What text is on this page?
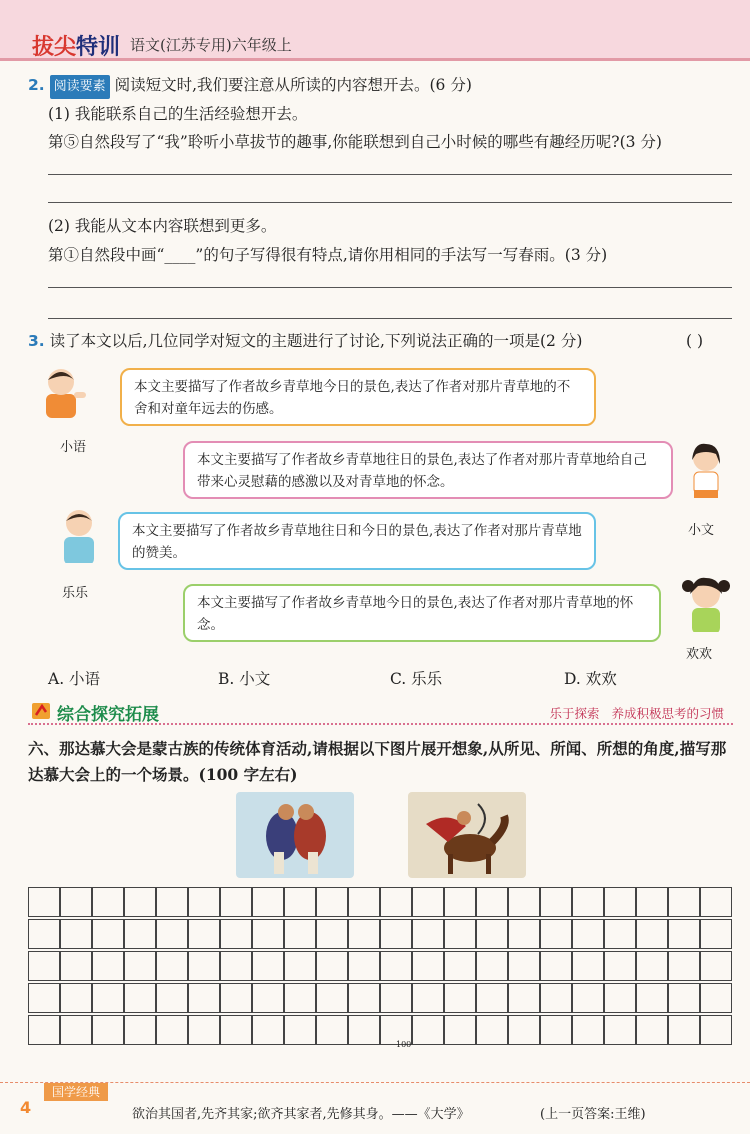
拔尖特训 语文(江苏专用)六年级上
2. 阅读要素 阅读短文时,我们要注意从所读的内容想开去。(6 分)
(1) 我能联系自己的生活经验想开去。
第⑤自然段写了“我”聆听小草拔节的趣事,你能联想到自己小时候的哪些有趣经历呢?(3 分)
(2) 我能从文本内容联想到更多。
第①自然段中画“____”的句子写得很有特点,请你用相同的手法写一写春雨。(3 分)
3. 读了本文以后,几位同学对短文的主题进行了讨论,下列说法正确的一项是(2 分)	( )
小语
本文主要描写了作者故乡青草地今日的景色,表达了作者对那片青草地的不舍和对童年远去的伤感。
本文主要描写了作者故乡青草地往日的景色,表达了作者对那片青草地给自己带来心灵慰藉的感激以及对青草地的怀念。
小文
乐乐
本文主要描写了作者故乡青草地往日和今日的景色,表达了作者对那片青草地的赞美。
本文主要描写了作者故乡青草地今日的景色,表达了作者对那片青草地的怀念。
欢欢
A. 小语	B. 小文	C. 乐乐	D. 欢欢
综合探究拓展	乐于探索 养成积极思考的习惯
六、那达慕大会是蒙古族的传统体育活动,请根据以下图片展开想象,从所见、所闻、所想的角度,描写那达慕大会上的一个场景。(100 字左右)
100
国学经典
4	欲治其国者,先齐其家;欲齐其家者,先修其身。——《大学》	(上一页答案:王维)
